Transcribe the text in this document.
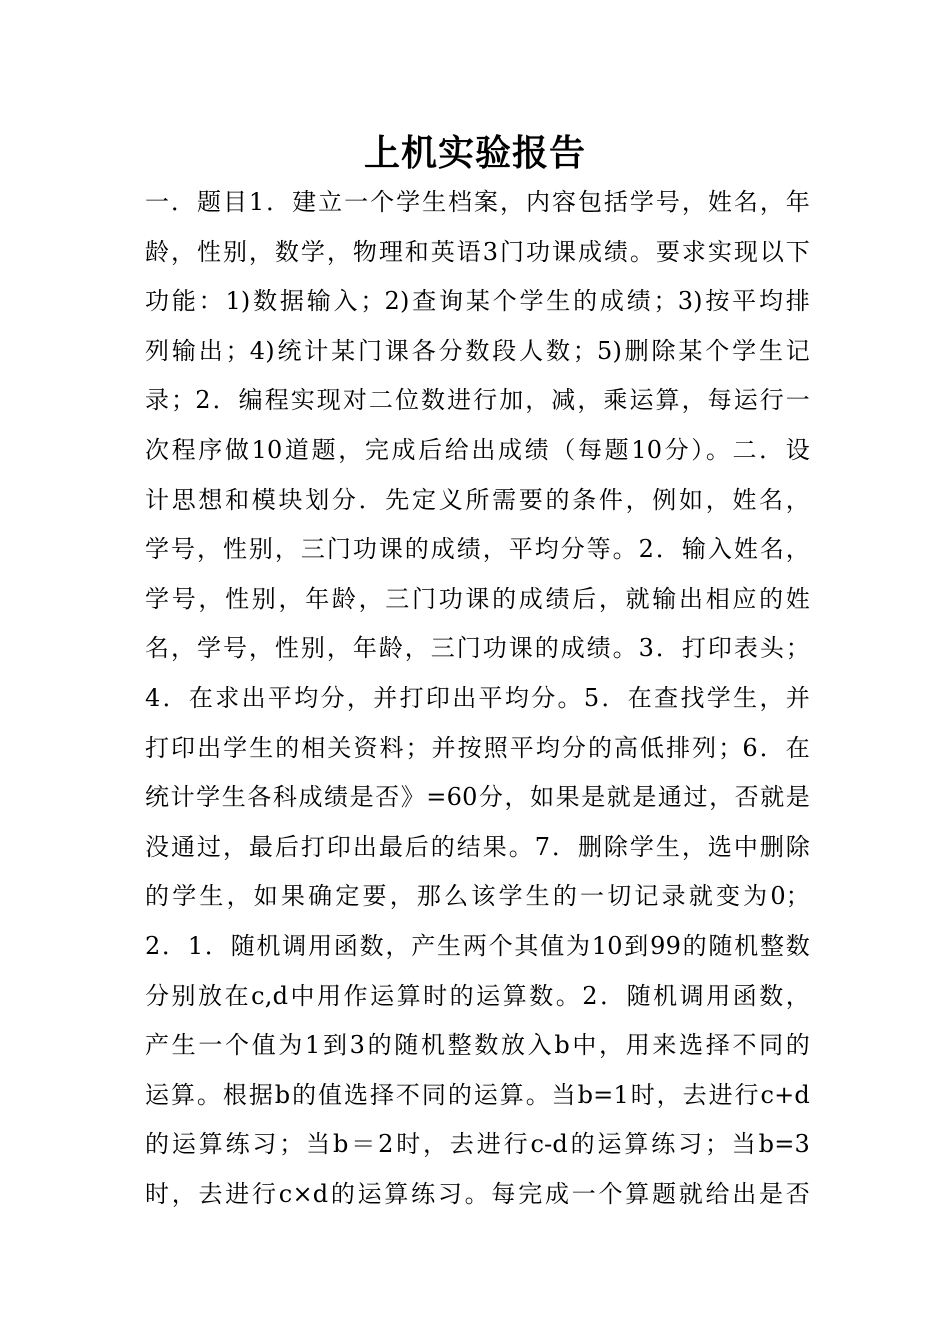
上机实验报告
一．题目1．建立一个学生档案，内容包括学号，姓名，年
龄，性别，数学，物理和英语3门功课成绩。要求实现以下
功能：1)数据输入；2)查询某个学生的成绩；3)按平均排
列输出；4)统计某门课各分数段人数；5)删除某个学生记
录；2．编程实现对二位数进行加，减，乘运算，每运行一
次程序做10道题，完成后给出成绩（每题10分）。二．设
计思想和模块划分．先定义所需要的条件，例如，姓名，
学号，性别，三门功课的成绩，平均分等。2．输入姓名，
学号，性别，年龄，三门功课的成绩后，就输出相应的姓
名，学号，性别，年龄，三门功课的成绩。3．打印表头；
4．在求出平均分，并打印出平均分。5．在查找学生，并
打印出学生的相关资料；并按照平均分的高低排列；6．在
统计学生各科成绩是否》=60分，如果是就是通过，否就是
没通过，最后打印出最后的结果。7．删除学生，选中删除
的学生，如果确定要，那么该学生的一切记录就变为0；
2．1．随机调用函数，产生两个其值为10到99的随机整数
分别放在c,d中用作运算时的运算数。2．随机调用函数，
产生一个值为1到3的随机整数放入b中，用来选择不同的
运算。根据b的值选择不同的运算。当b=1时，去进行c+d
的运算练习；当b＝2时，去进行c-d的运算练习；当b=3
时，去进行c×d的运算练习。每完成一个算题就给出是否
